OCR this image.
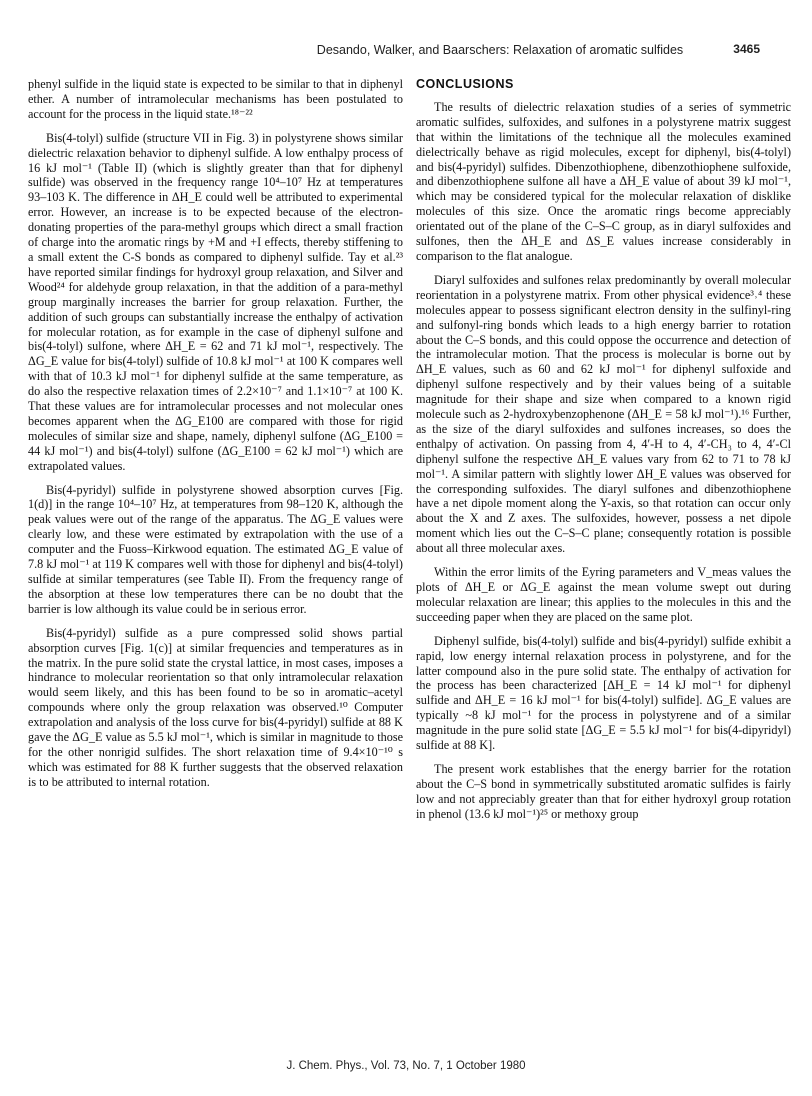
Desando, Walker, and Baarschers: Relaxation of aromatic sulfides	3465

phenyl sulfide in the liquid state is expected to be similar to that in diphenyl ether. A number of intramolecular mechanisms has been postulated to account for the process in the liquid state.¹⁸⁻²²

Bis(4-tolyl) sulfide (structure VII in Fig. 3) in polystyrene shows similar dielectric relaxation behavior to diphenyl sulfide. A low enthalpy process of 16 kJ mol⁻¹ (Table II) (which is slightly greater than that for diphenyl sulfide) was observed in the frequency range 10⁴–10⁷ Hz at temperatures 93–103 K. The difference in ΔH_E could well be attributed to experimental error. However, an increase is to be expected because of the electron-donating properties of the para-methyl groups which direct a small fraction of charge into the aromatic rings by +M and +I effects, thereby stiffening to a small extent the C-S bonds as compared to diphenyl sulfide. Tay et al.²³ have reported similar findings for hydroxyl group relaxation, and Silver and Wood²⁴ for aldehyde group relaxation, in that the addition of a para-methyl group marginally increases the barrier for group relaxation. Further, the addition of such groups can substantially increase the enthalpy of activation for molecular rotation, as for example in the case of diphenyl sulfone and bis(4-tolyl) sulfone, where ΔH_E = 62 and 71 kJ mol⁻¹, respectively. The ΔG_E value for bis(4-tolyl) sulfide of 10.8 kJ mol⁻¹ at 100 K compares well with that of 10.3 kJ mol⁻¹ for diphenyl sulfide at the same temperature, as do also the respective relaxation times of 2.2×10⁻⁷ and 1.1×10⁻⁷ at 100 K. That these values are for intramolecular processes and not molecular ones becomes apparent when the ΔG_E100 are compared with those for rigid molecules of similar size and shape, namely, diphenyl sulfone (ΔG_E100 = 44 kJ mol⁻¹) and bis(4-tolyl) sulfone (ΔG_E100 = 62 kJ mol⁻¹) which are extrapolated values.

Bis(4-pyridyl) sulfide in polystyrene showed absorption curves [Fig. 1(d)] in the range 10⁴–10⁷ Hz, at temperatures from 98–120 K, although the peak values were out of the range of the apparatus. The ΔG_E values were clearly low, and these were estimated by extrapolation with the use of a computer and the Fuoss–Kirkwood equation. The estimated ΔG_E value of 7.8 kJ mol⁻¹ at 119 K compares well with those for diphenyl and bis(4-tolyl) sulfide at similar temperatures (see Table II). From the frequency range of the absorption at these low temperatures there can be no doubt that the barrier is low although its value could be in serious error.

Bis(4-pyridyl) sulfide as a pure compressed solid shows partial absorption curves [Fig. 1(c)] at similar frequencies and temperatures as in the matrix. In the pure solid state the crystal lattice, in most cases, imposes a hindrance to molecular reorientation so that only intramolecular relaxation would seem likely, and this has been found to be so in aromatic–acetyl compounds where only the group relaxation was observed.¹⁰ Computer extrapolation and analysis of the loss curve for bis(4-pyridyl) sulfide at 88 K gave the ΔG_E value as 5.5 kJ mol⁻¹, which is similar in magnitude to those for the other nonrigid sulfides. The short relaxation time of 9.4×10⁻¹⁰ s which was estimated for 88 K further suggests that the observed relaxation is to be attributed to internal rotation.

CONCLUSIONS

The results of dielectric relaxation studies of a series of symmetric aromatic sulfides, sulfoxides, and sulfones in a polystyrene matrix suggest that within the limitations of the technique all the molecules examined dielectrically behave as rigid molecules, except for diphenyl, bis(4-tolyl) and bis(4-pyridyl) sulfides. Dibenzothiophene, dibenzothiophene sulfoxide, and dibenzothiophene sulfone all have a ΔH_E value of about 39 kJ mol⁻¹, which may be considered typical for the molecular relaxation of disklike molecules of this size. Once the aromatic rings become appreciably orientated out of the plane of the C–S–C group, as in diaryl sulfoxides and sulfones, then the ΔH_E and ΔS_E values increase considerably in comparison to the flat analogue.

Diaryl sulfoxides and sulfones relax predominantly by overall molecular reorientation in a polystyrene matrix. From other physical evidence³˒⁴ these molecules appear to possess significant electron density in the sulfinyl-ring and sulfonyl-ring bonds which leads to a high energy barrier to rotation about the C–S bonds, and this could oppose the occurrence and detection of the intramolecular motion. That the process is molecular is borne out by ΔH_E values, such as 60 and 62 kJ mol⁻¹ for diphenyl sulfoxide and diphenyl sulfone respectively and by their values being of a suitable magnitude for their shape and size when compared to a known rigid molecule such as 2-hydroxybenzophenone (ΔH_E = 58 kJ mol⁻¹).¹⁶ Further, as the size of the diaryl sulfoxides and sulfones increases, so does the enthalpy of activation. On passing from 4, 4′-H to 4, 4′-CH₃ to 4, 4′-Cl diphenyl sulfone the respective ΔH_E values vary from 62 to 71 to 78 kJ mol⁻¹. A similar pattern with slightly lower ΔH_E values was observed for the corresponding sulfoxides. The diaryl sulfones and dibenzothiophene have a net dipole moment along the Y-axis, so that rotation can occur only about the X and Z axes. The sulfoxides, however, possess a net dipole moment which lies out the C–S–C plane; consequently rotation is possible about all three molecular axes.

Within the error limits of the Eyring parameters and V_meas values the plots of ΔH_E or ΔG_E against the mean volume swept out during molecular relaxation are linear; this applies to the molecules in this and the succeeding paper when they are placed on the same plot.

Diphenyl sulfide, bis(4-tolyl) sulfide and bis(4-pyridyl) sulfide exhibit a rapid, low energy internal relaxation process in polystyrene, and for the latter compound also in the pure solid state. The enthalpy of activation for the process has been characterized [ΔH_E = 14 kJ mol⁻¹ for diphenyl sulfide and ΔH_E = 16 kJ mol⁻¹ for bis(4-tolyl) sulfide]. ΔG_E values are typically ~8 kJ mol⁻¹ for the process in polystyrene and of a similar magnitude in the pure solid state [ΔG_E = 5.5 kJ mol⁻¹ for bis(4-dipyridyl) sulfide at 88 K].

The present work establishes that the energy barrier for the rotation about the C–S bond in symmetrically substituted aromatic sulfides is fairly low and not appreciably greater than that for either hydroxyl group rotation in phenol (13.6 kJ mol⁻¹)²⁵ or methoxy group

J. Chem. Phys., Vol. 73, No. 7, 1 October 1980
